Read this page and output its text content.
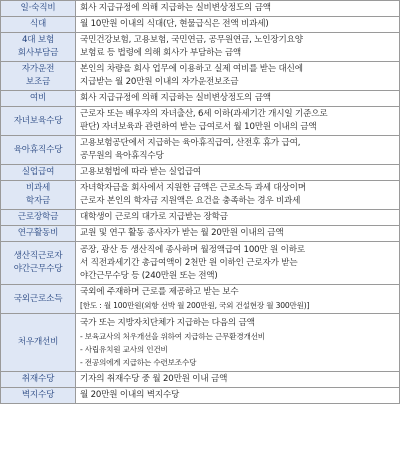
일·숙직비	회사 지급규정에 의해 지급하는 실비변상정도의 금액

식대	월 10만원 이내의 식대(단, 현물급식은 전액 비과세)

4대 보험
회사부담금	국민건강보험, 고용보험, 국민연금, 공무원연금, 노인장기요양
보험료 등 법령에 의해 회사가 부담하는 금액

자가운전
보조금	본인의 차량을 회사 업무에 이용하고 실제 여비를 받는 대신에
지급받는 월 20만원 이내의 자가운전보조금

여비	회사 지급규정에 의해 지급하는 실비변상정도의 금액

자녀보육수당	근로자 또는 배우자의 자녀출산, 6세 이하(과세기간 개시일 기준으로
판단) 자녀보육과 관련하여 받는 급여로서 월 10만원 이내의 금액

육아휴직수당	고용보험공단에서 지급하는 육아휴직급여, 산전후 휴가 급여,
공무원의 육아휴직수당

실업급여	고용보험법에 따라 받는 실업급여

비과세
학자금	자녀학자금을 회사에서 지원한 금액은 근로소득 과세 대상이며
근로자 본인의 학자금 지원액은 요건을 충족하는 경우 비과세

근로장학금	대학생이 근로의 대가로 지급받는 장학금

연구활동비	교원 및 연구 활동 종사자가 받는 월 20만원 이내의 금액

생산직근로자
야간근무수당	공장, 광산 등 생산직에 종사하며 월정액급여 100만 원 이하로
서 직전과세기간 총급여액이 2천만 원 이하인 근로자가 받는
야간근무수당 등 (240만원 또는 전액)

국외근로소득	국외에 주재하며 근로를 제공하고 받는 보수
[한도 : 월 100만원(외항 선박 월 200만원, 국외 건설현장 월 300만원)]

처우개선비	국가 또는 지방자치단체가 지급하는 다음의 금액
- 보육교사의 처우개선을 위하여 지급하는 근무환경개선비
- 사립유치원 교사의 인건비
- 전공의에게 지급하는 수련보조수당

취재수당	기자의 취재수당 중 월 20만원 이내 금액

벽지수당	월 20만원 이내의 벽지수당
